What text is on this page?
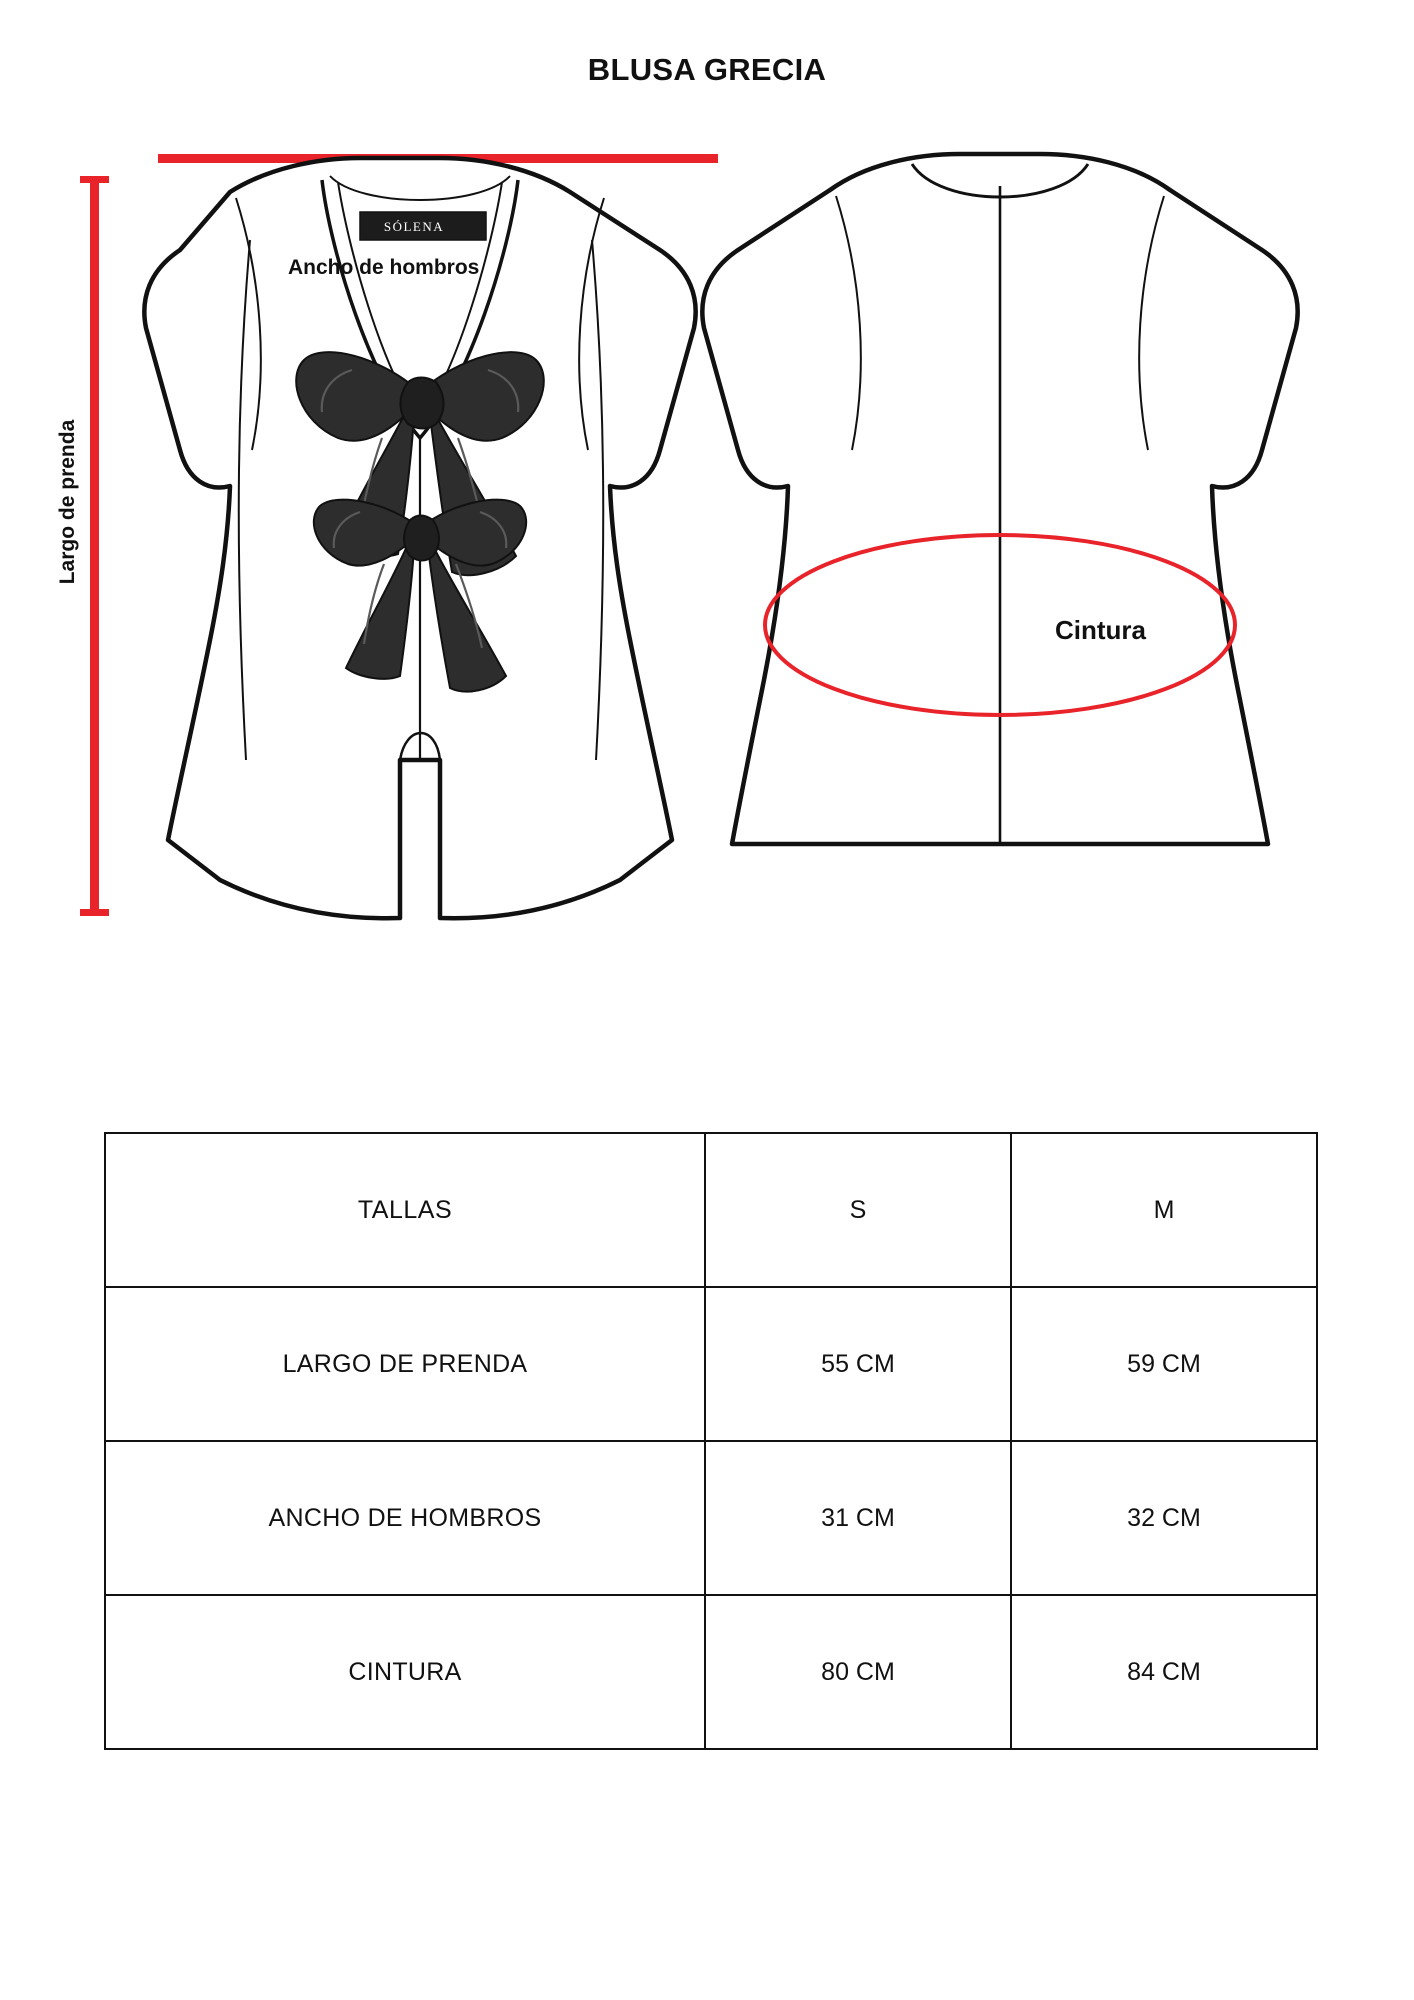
BLUSA GRECIA
Ancho de hombros
Largo de prenda
Cintura
SÓLENA
TALLAS	S	M
LARGO DE PRENDA	55 CM	59 CM
ANCHO DE HOMBROS	31 CM	32 CM
CINTURA	80 CM	84 CM
